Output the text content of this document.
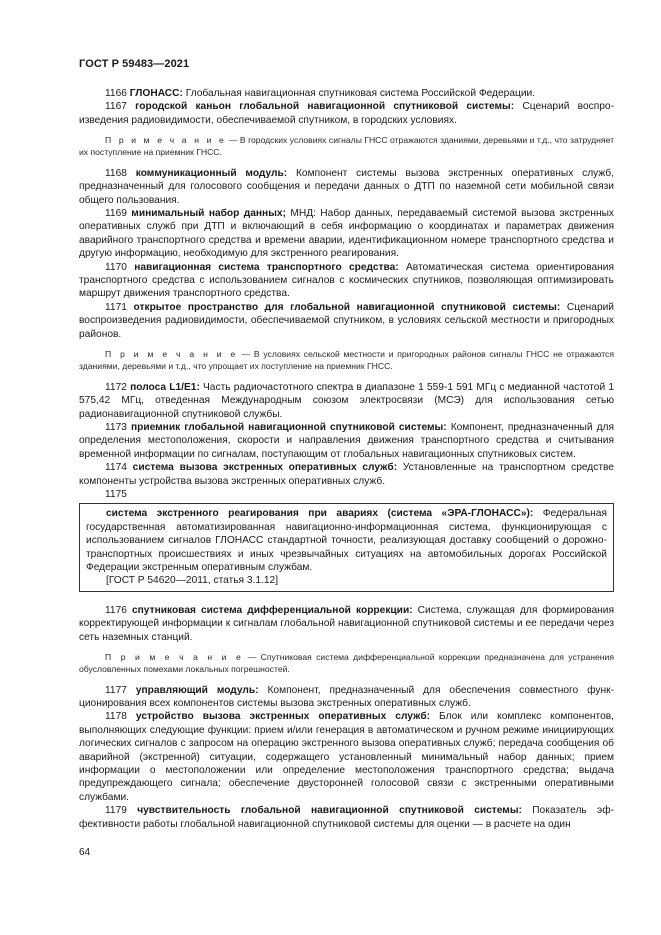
ГОСТ Р 59483—2021

1166 ГЛОНАСС: Глобальная навигационная спутниковая система Российской Федерации.

1167 городской каньон глобальной навигационной спутниковой системы: Сценарий воспроизведения радиовидимости, обеспечиваемой спутником, в городских условиях.

П р и м е ч а н и е — В городских условиях сигналы ГНСС отражаются зданиями, деревьями и т.д., что затрудняет их поступление на приемник ГНСС.

1168 коммуникационный модуль: Компонент системы вызова экстренных оперативных служб, предназначенный для голосового сообщения и передачи данных о ДТП по наземной сети мобильной связи общего пользования.

1169 минимальный набор данных; МНД: Набор данных, передаваемый системой вызова экстренных оперативных служб при ДТП и включающий в себя информацию о координатах и параметрах движения аварийного транспортного средства и времени аварии, идентификационном номере транспортного средства и другую информацию, необходимую для экстренного реагирования.

1170 навигационная система транспортного средства: Автоматическая система ориентирования транспортного средства с использованием сигналов с космических спутников, позволяющая оптимизировать маршрут движения транспортного средства.

1171 открытое пространство для глобальной навигационной спутниковой системы: Сценарий воспроизведения радиовидимости, обеспечиваемой спутником, в условиях сельской местности и пригородных районов.

П р и м е ч а н и е — В условиях сельской местности и пригородных районов сигналы ГНСС не отражаются зданиями, деревьями и т.д., что упрощает их поступление на приемник ГНСС.

1172 полоса L1/E1: Часть радиочастотного спектра в диапазоне 1 559-1 591 МГц с медианной частотой 1 575,42 МГц, отведенная Международным союзом электросвязи (МСЭ) для использования сетью радионавигационной спутниковой службы.

1173 приемник глобальной навигационной спутниковой системы: Компонент, предназначенный для определения местоположения, скорости и направления движения транспортного средства и считывания временной информации по сигналам, поступающим от глобальных навигационных спутниковых систем.

1174 система вызова экстренных оперативных служб: Установленные на транспортном средстве компоненты устройства вызова экстренных оперативных служб.

1175

система экстренного реагирования при авариях (система «ЭРА-ГЛОНАСС»): Федеральная государственная автоматизированная навигационно-информационная система, функционирующая с использованием сигналов ГЛОНАСС стандартной точности, реализующая доставку сообщений о дорожно-транспортных происшествиях и иных чрезвычайных ситуациях на автомобильных дорогах Российской Федерации экстренным оперативным службам.

[ГОСТ Р 54620—2011, статья 3.1.12]

1176 спутниковая система дифференциальной коррекции: Система, служащая для формирования корректирующей информации к сигналам глобальной навигационной спутниковой системы и ее передачи через сеть наземных станций.

П р и м е ч а н и е — Спутниковая система дифференциальной коррекции предназначена для устранения обусловленных помехами локальных погрешностей.

1177 управляющий модуль: Компонент, предназначенный для обеспечения совместного функционирования всех компонентов системы вызова экстренных оперативных служб.

1178 устройство вызова экстренных оперативных служб: Блок или комплекс компонентов, выполняющих следующие функции: прием и/или генерация в автоматическом и ручном режиме инициирующих логических сигналов с запросом на операцию экстренного вызова оперативных служб; передача сообщения об аварийной (экстренной) ситуации, содержащего установленный минимальный набор данных; прием информации о местоположении или определение местоположения транспортного средства; выдача предупреждающего сигнала; обеспечение двусторонней голосовой связи с экстренными оперативными службами.

1179 чувствительность глобальной навигационной спутниковой системы: Показатель эффективности работы глобальной навигационной спутниковой системы для оценки — в расчете на один

64
